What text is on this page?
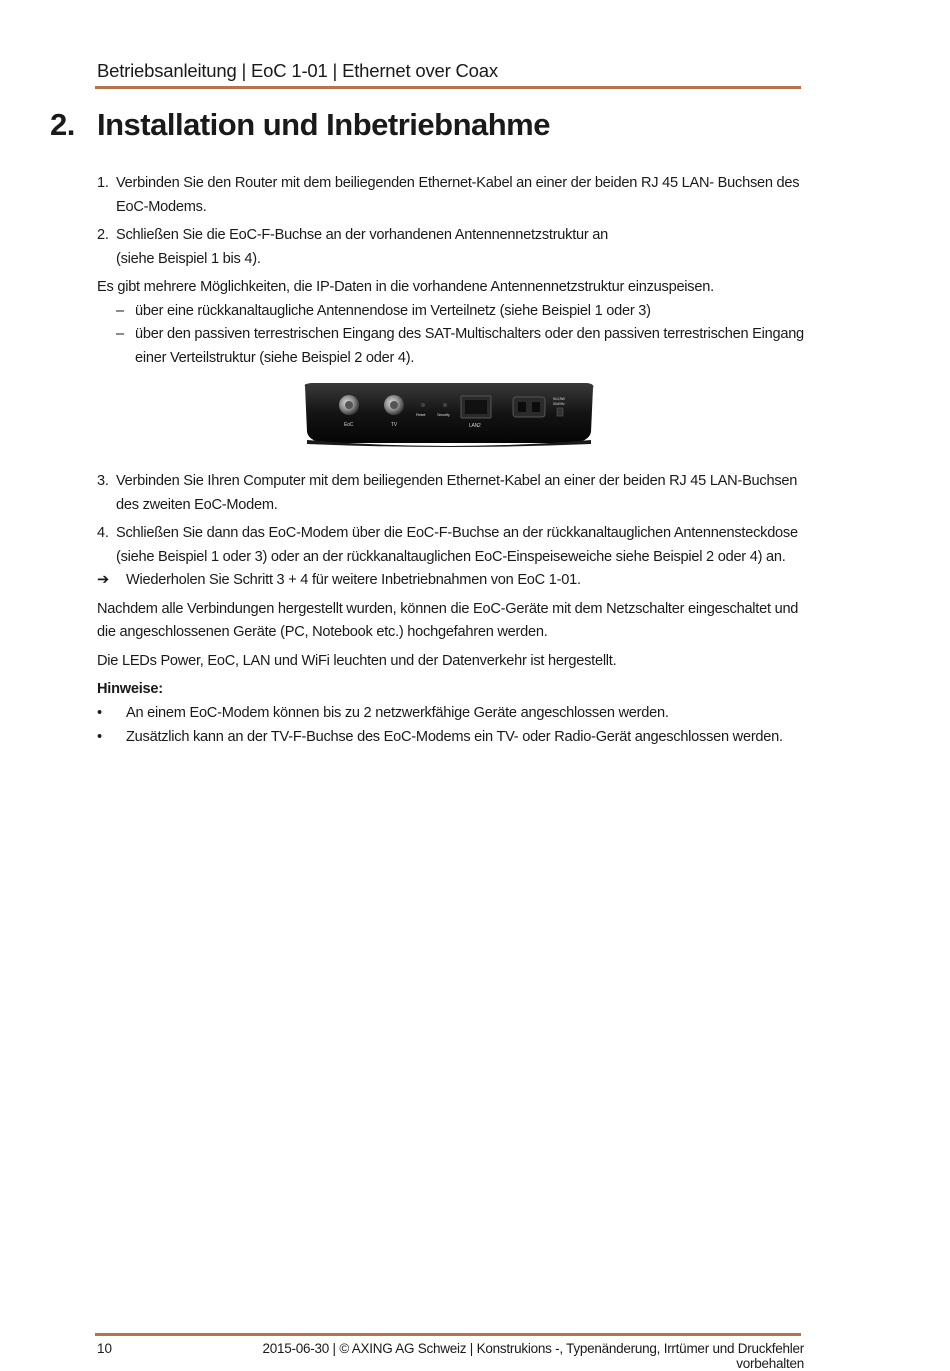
Betriebsanleitung | EoC 1-01 | Ethernet over Coax
2. Installation und Inbetriebnahme
1. Verbinden Sie den Router mit dem beiliegenden Ethernet-Kabel an einer der beiden RJ 45 LAN- Buchsen des EoC-Modems.
2. Schließen Sie die EoC-F-Buchse an der vorhandenen Antennennetzstruktur an
(siehe Beispiel 1 bis 4).
Es gibt mehrere Möglichkeiten, die IP-Daten in die vorhandene Antennennetzstruktur einzuspeisen.
– über eine rückkanaltaugliche Antennendose im Verteilnetz (siehe Beispiel 1 oder 3)
– über den passiven terrestrischen Eingang des SAT-Multischalters oder den passiven terrestrischen Eingang einer Verteilstruktur (siehe Beispiel 2 oder 4).
EoC	TV
Reset	Security
LAN2
5V-2,5W
50-60Hz
3. Verbinden Sie Ihren Computer mit dem beiliegenden Ethernet-Kabel an einer der beiden RJ 45 LAN-Buchsen des zweiten EoC-Modem.
4. Schließen Sie dann das EoC-Modem über die EoC-F-Buchse an der rückkanaltauglichen Antennensteckdose (siehe Beispiel 1 oder 3) oder an der rückkanaltauglichen EoC-Einspeiseweiche siehe Beispiel 2 oder 4) an.
➔ Wiederholen Sie Schritt 3 + 4 für weitere Inbetriebnahmen von EoC 1-01.
Nachdem alle Verbindungen hergestellt wurden, können die EoC-Geräte mit dem Netzschalter eingeschaltet und die angeschlossenen Geräte (PC, Notebook etc.) hochgefahren werden.
Die LEDs Power, EoC, LAN und WiFi leuchten und der Datenverkehr ist hergestellt.
Hinweise:
• An einem EoC-Modem können bis zu 2 netzwerkfähige Geräte angeschlossen werden.
• Zusätzlich kann an der TV-F-Buchse des EoC-Modems ein TV- oder Radio-Gerät angeschlossen werden.
10	2015-06-30 | © AXING AG Schweiz | Konstrukions -, Typenänderung, Irrtümer und Druckfehler vorbehalten
